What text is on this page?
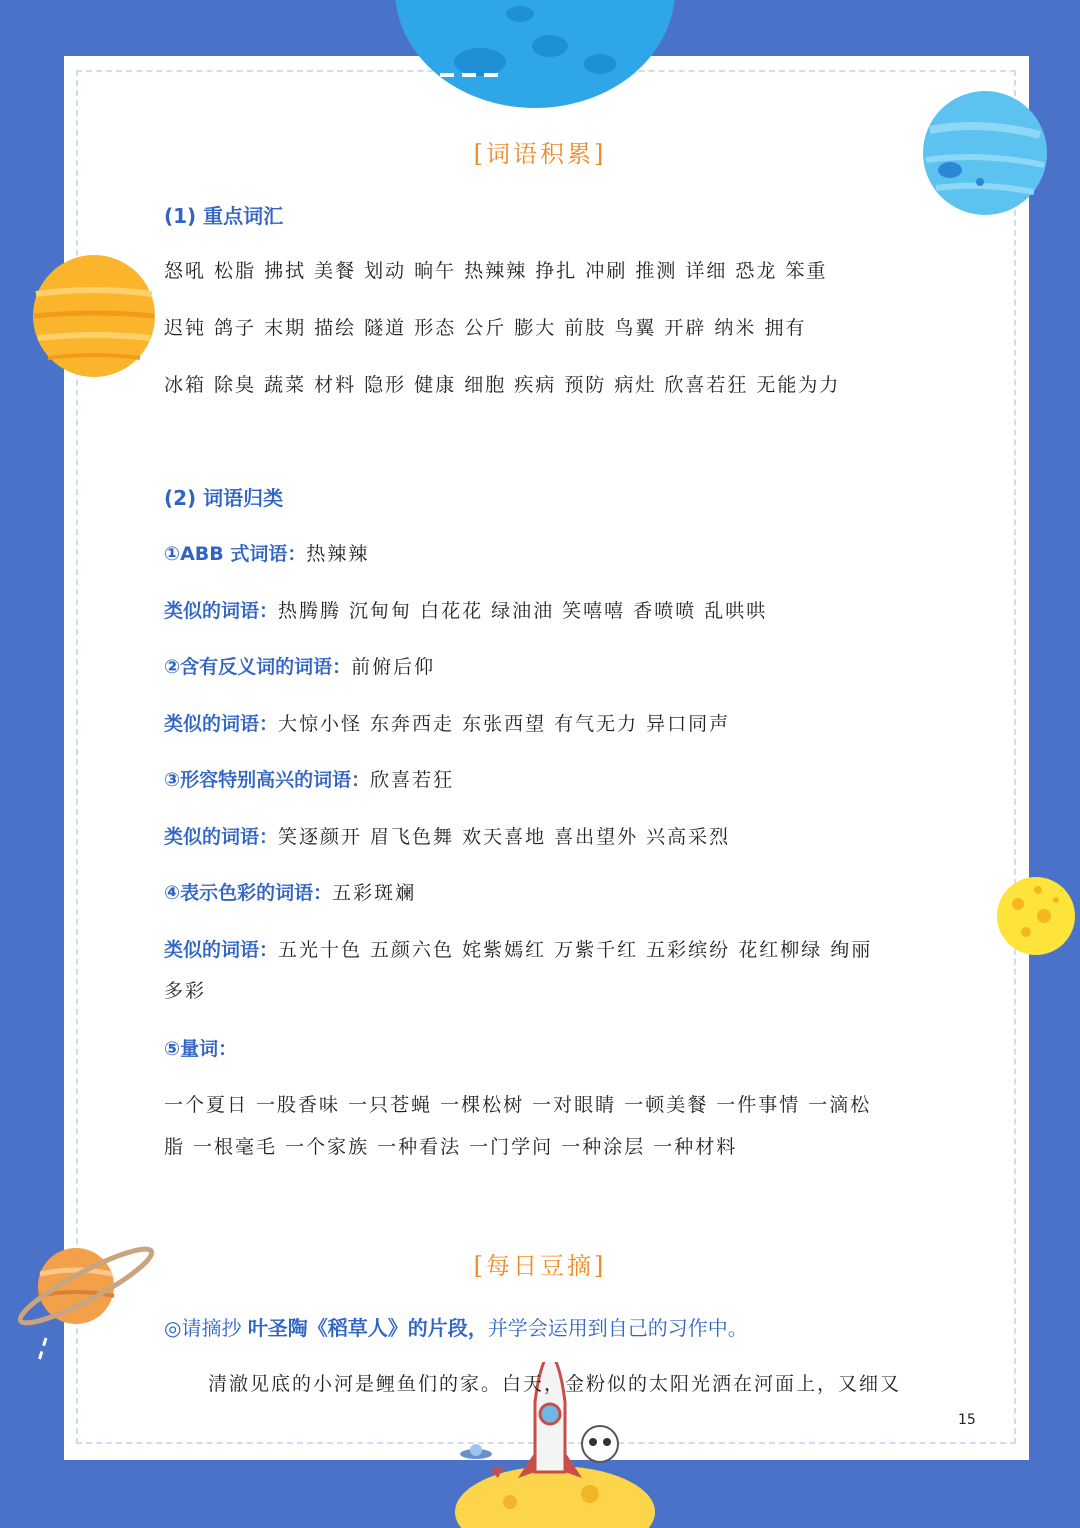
[词语积累]
(1) 重点词汇
怒吼 松脂 拂拭 美餐 划动 晌午 热辣辣 挣扎 冲刷 推测 详细 恐龙 笨重
迟钝 鸽子 末期 描绘 隧道 形态 公斤 膨大 前肢 鸟翼 开辟 纳米 拥有
冰箱 除臭 蔬菜 材料 隐形 健康 细胞 疾病 预防 病灶 欣喜若狂 无能为力
(2) 词语归类
①ABB 式词语：热辣辣
类似的词语：热腾腾 沉甸甸 白花花 绿油油 笑嘻嘻 香喷喷 乱哄哄
②含有反义词的词语：前俯后仰
类似的词语：大惊小怪 东奔西走 东张西望 有气无力 异口同声
③形容特别高兴的词语：欣喜若狂
类似的词语：笑逐颜开 眉飞色舞 欢天喜地 喜出望外 兴高采烈
④表示色彩的词语：五彩斑斓
类似的词语：五光十色 五颜六色 姹紫嫣红 万紫千红 五彩缤纷 花红柳绿 绚丽
多彩
⑤量词：
一个夏日 一股香味 一只苍蝇 一棵松树 一对眼睛 一顿美餐 一件事情 一滴松
脂 一根毫毛 一个家族 一种看法 一门学问 一种涂层 一种材料
[每日豆摘]
◎请摘抄 叶圣陶《稻草人》的片段，并学会运用到自己的习作中。
清澈见底的小河是鲤鱼们的家。白天，金粉似的太阳光洒在河面上，又细又
15
